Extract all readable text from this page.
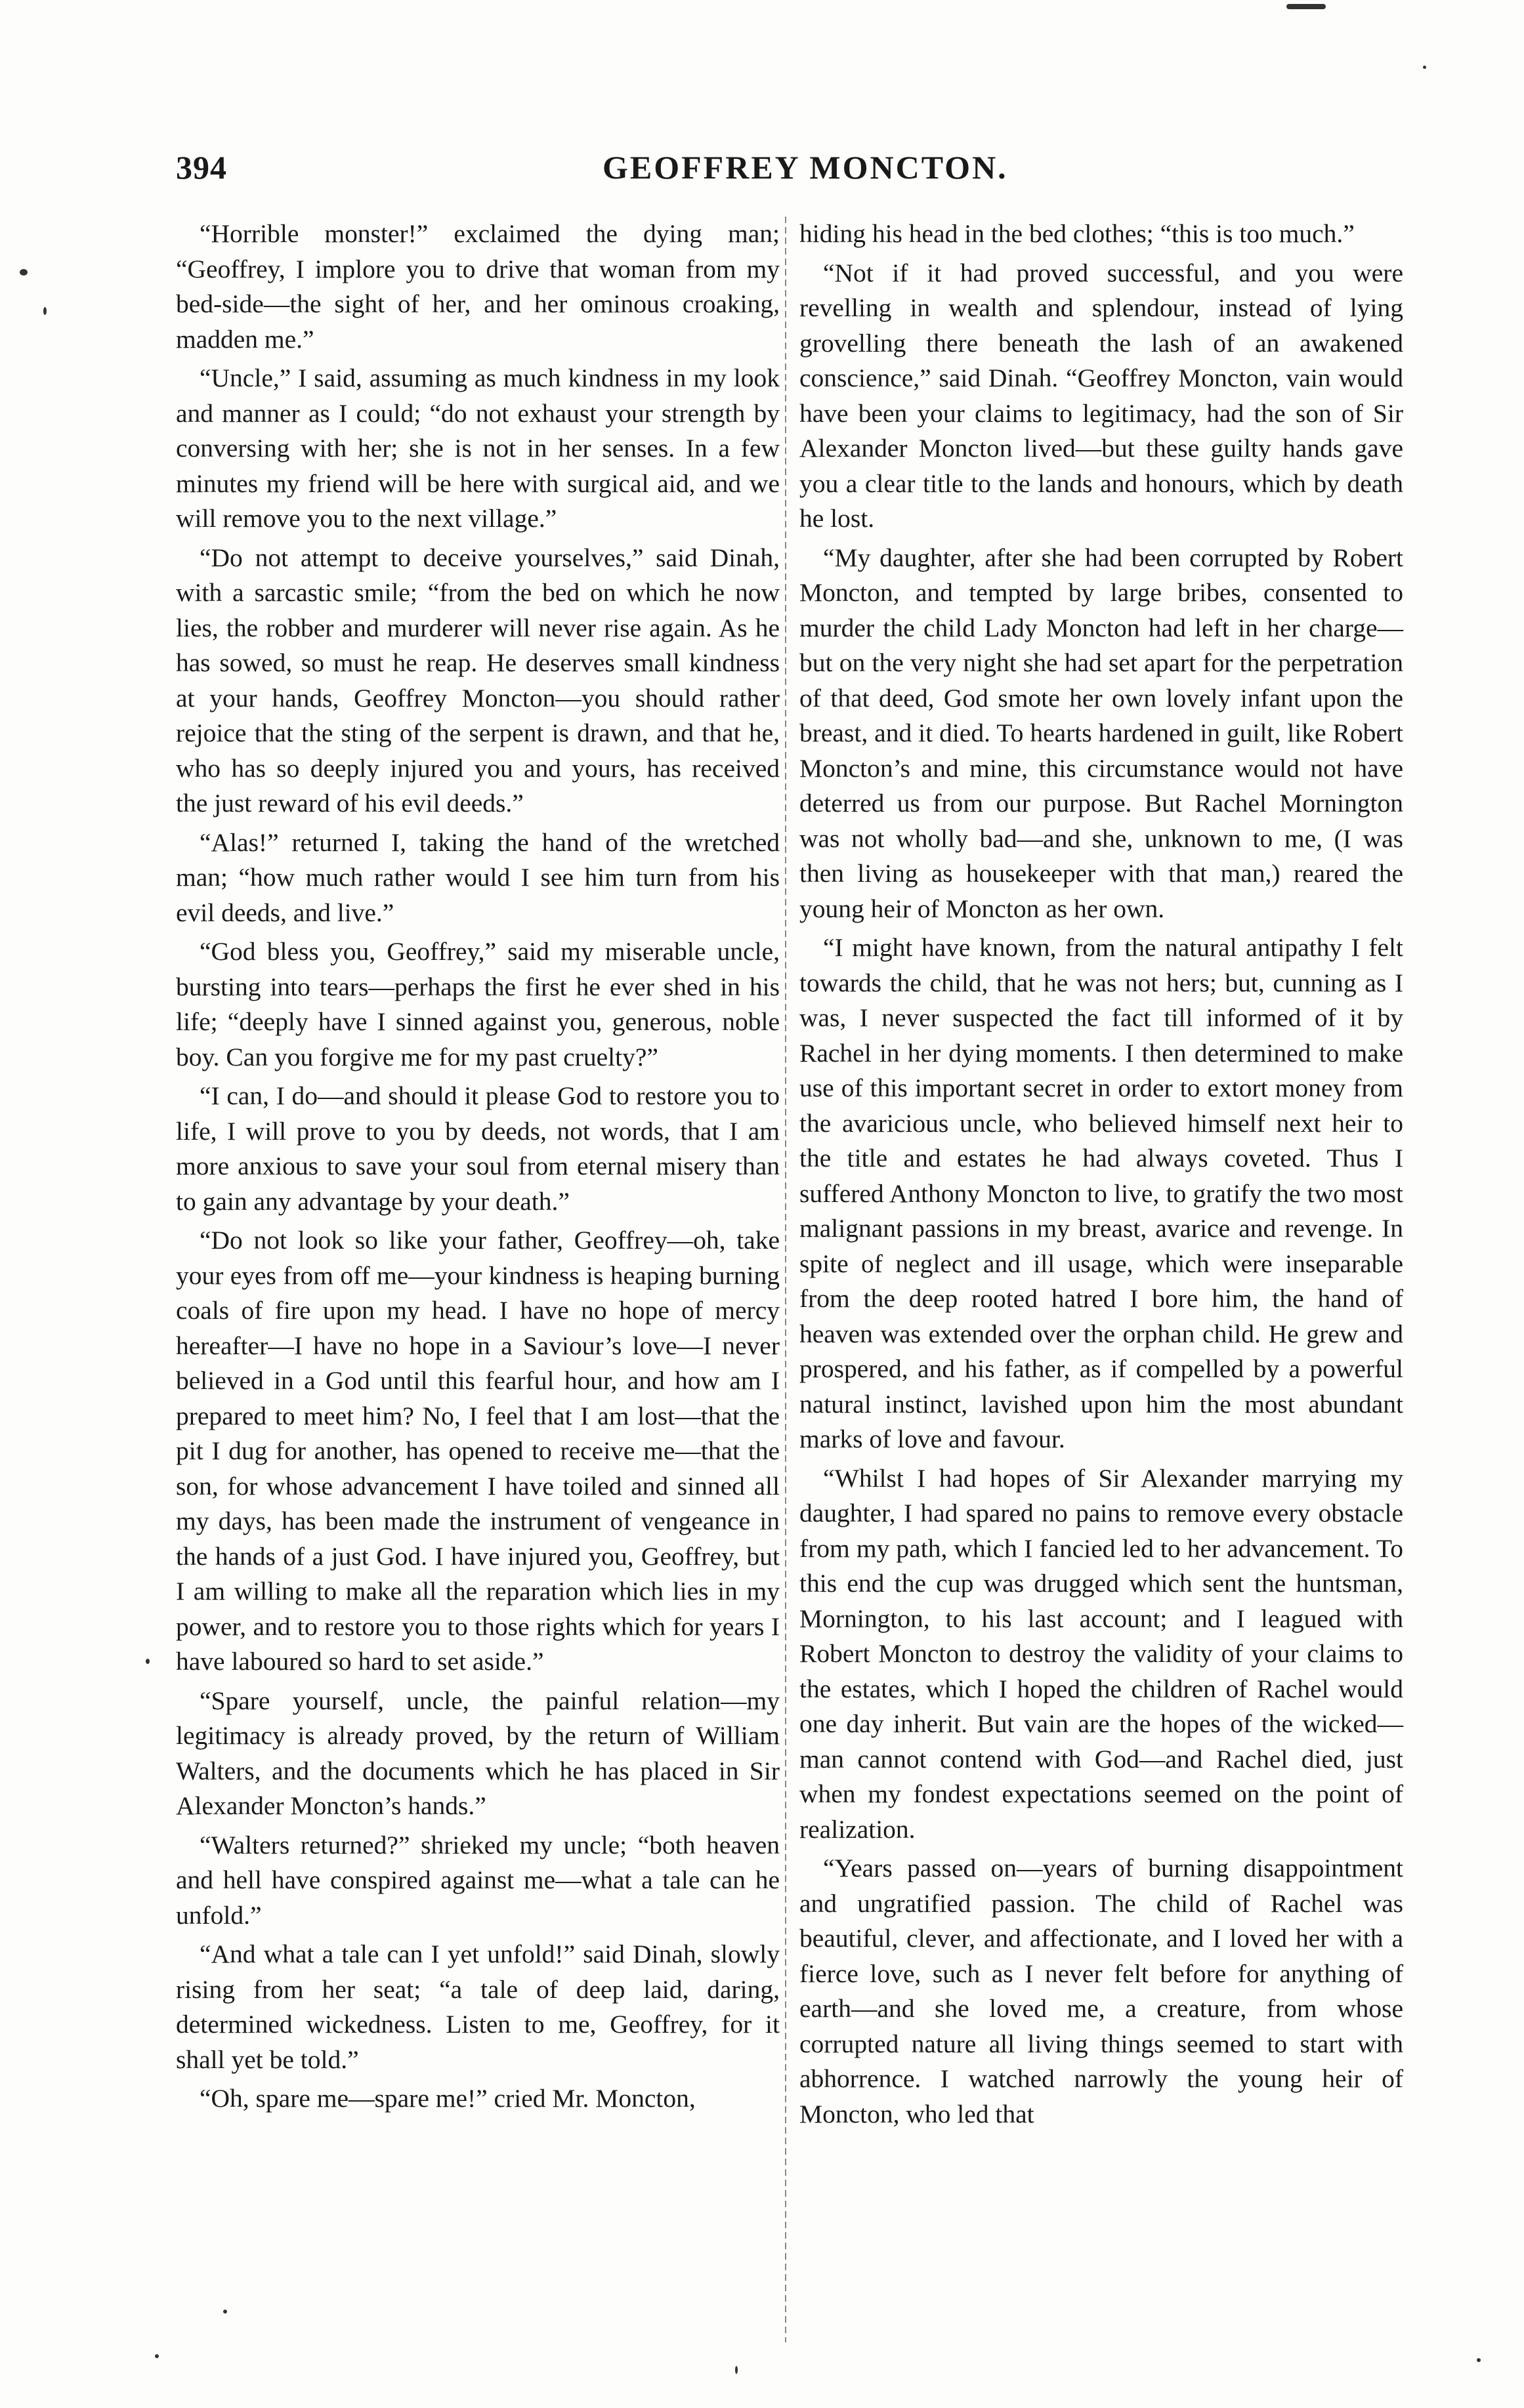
394	GEOFFREY MONCTON.

“Horrible monster!” exclaimed the dying man; “Geoffrey, I implore you to drive that woman from my bed-side—the sight of her, and her ominous croaking, madden me.”

“Uncle,” I said, assuming as much kindness in my look and manner as I could; “do not exhaust your strength by conversing with her; she is not in her senses. In a few minutes my friend will be here with surgical aid, and we will remove you to the next village.”

“Do not attempt to deceive yourselves,” said Dinah, with a sarcastic smile; “from the bed on which he now lies, the robber and murderer will never rise again. As he has sowed, so must he reap. He deserves small kindness at your hands, Geoffrey Moncton—you should rather rejoice that the sting of the serpent is drawn, and that he, who has so deeply injured you and yours, has received the just reward of his evil deeds.”

“Alas!” returned I, taking the hand of the wretched man; “how much rather would I see him turn from his evil deeds, and live.”

“God bless you, Geoffrey,” said my miserable uncle, bursting into tears—perhaps the first he ever shed in his life; “deeply have I sinned against you, generous, noble boy. Can you forgive me for my past cruelty?”

“I can, I do—and should it please God to restore you to life, I will prove to you by deeds, not words, that I am more anxious to save your soul from eternal misery than to gain any advantage by your death.”

“Do not look so like your father, Geoffrey—oh, take your eyes from off me—your kindness is heaping burning coals of fire upon my head. I have no hope of mercy hereafter—I have no hope in a Saviour’s love—I never believed in a God until this fearful hour, and how am I prepared to meet him? No, I feel that I am lost—that the pit I dug for another, has opened to receive me—that the son, for whose advancement I have toiled and sinned all my days, has been made the instrument of vengeance in the hands of a just God. I have injured you, Geoffrey, but I am willing to make all the reparation which lies in my power, and to restore you to those rights which for years I have laboured so hard to set aside.”

“Spare yourself, uncle, the painful relation—my legitimacy is already proved, by the return of William Walters, and the documents which he has placed in Sir Alexander Moncton’s hands.”

“Walters returned?” shrieked my uncle; “both heaven and hell have conspired against me—what a tale can he unfold.”

“And what a tale can I yet unfold!” said Dinah, slowly rising from her seat; “a tale of deep laid, daring, determined wickedness. Listen to me, Geoffrey, for it shall yet be told.”

“Oh, spare me—spare me!” cried Mr. Moncton,

hiding his head in the bed clothes; “this is too much.”

“Not if it had proved successful, and you were revelling in wealth and splendour, instead of lying grovelling there beneath the lash of an awakened conscience,” said Dinah. “Geoffrey Moncton, vain would have been your claims to legitimacy, had the son of Sir Alexander Moncton lived—but these guilty hands gave you a clear title to the lands and honours, which by death he lost.

“My daughter, after she had been corrupted by Robert Moncton, and tempted by large bribes, consented to murder the child Lady Moncton had left in her charge—but on the very night she had set apart for the perpetration of that deed, God smote her own lovely infant upon the breast, and it died. To hearts hardened in guilt, like Robert Moncton’s and mine, this circumstance would not have deterred us from our purpose. But Rachel Mornington was not wholly bad—and she, unknown to me, (I was then living as housekeeper with that man,) reared the young heir of Moncton as her own.

“I might have known, from the natural antipathy I felt towards the child, that he was not hers; but, cunning as I was, I never suspected the fact till informed of it by Rachel in her dying moments. I then determined to make use of this important secret in order to extort money from the avaricious uncle, who believed himself next heir to the title and estates he had always coveted. Thus I suffered Anthony Moncton to live, to gratify the two most malignant passions in my breast, avarice and revenge. In spite of neglect and ill usage, which were inseparable from the deep rooted hatred I bore him, the hand of heaven was extended over the orphan child. He grew and prospered, and his father, as if compelled by a powerful natural instinct, lavished upon him the most abundant marks of love and favour.

“Whilst I had hopes of Sir Alexander marrying my daughter, I had spared no pains to remove every obstacle from my path, which I fancied led to her advancement. To this end the cup was drugged which sent the huntsman, Mornington, to his last account; and I leagued with Robert Moncton to destroy the validity of your claims to the estates, which I hoped the children of Rachel would one day inherit. But vain are the hopes of the wicked—man cannot contend with God—and Rachel died, just when my fondest expectations seemed on the point of realization.

“Years passed on—years of burning disappointment and ungratified passion. The child of Rachel was beautiful, clever, and affectionate, and I loved her with a fierce love, such as I never felt before for anything of earth—and she loved me, a creature, from whose corrupted nature all living things seemed to start with abhorrence. I watched narrowly the young heir of Moncton, who led that
